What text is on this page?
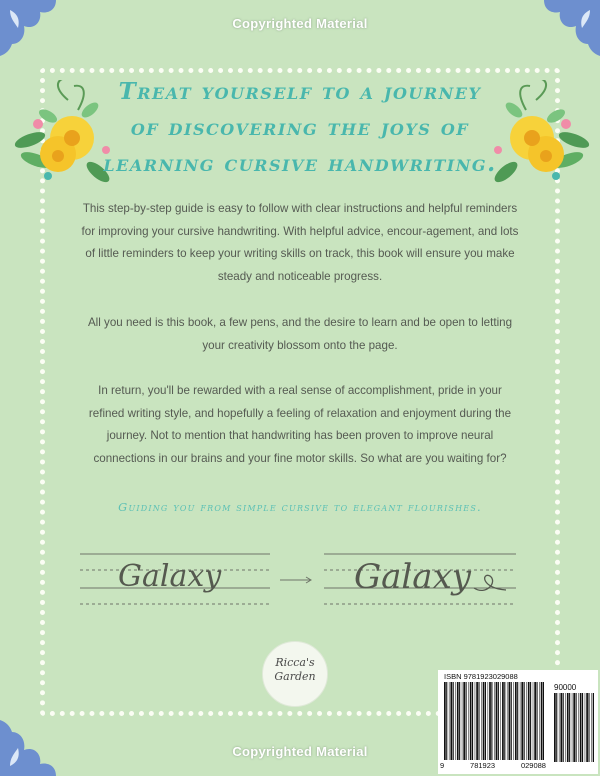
Copyrighted Material
Copyrighted Material
Treat yourself to a journey of discovering the joys of learning cursive handwriting.

This step-by-step guide is easy to follow with clear instructions and helpful reminders for improving your cursive handwriting. With helpful advice, encour-agement, and lots of little reminders to keep your writing skills on track, this book will ensure you make steady and noticeable progress.

All you need is this book, a few pens, and the desire to learn and be open to letting your creativity blossom onto the page.

In return, you'll be rewarded with a real sense of accomplishment, pride in your refined writing style, and hopefully a feeling of relaxation and enjoyment during the journey. Not to mention that handwriting has been proven to improve neural connections in our brains and your fine motor skills. So what are you waiting for?

Guiding you from simple cursive to elegant flourishes.

Galaxy	Galaxy
Ricca's
Garden	ISBN 9781923029088
90000
9	781923	029088
